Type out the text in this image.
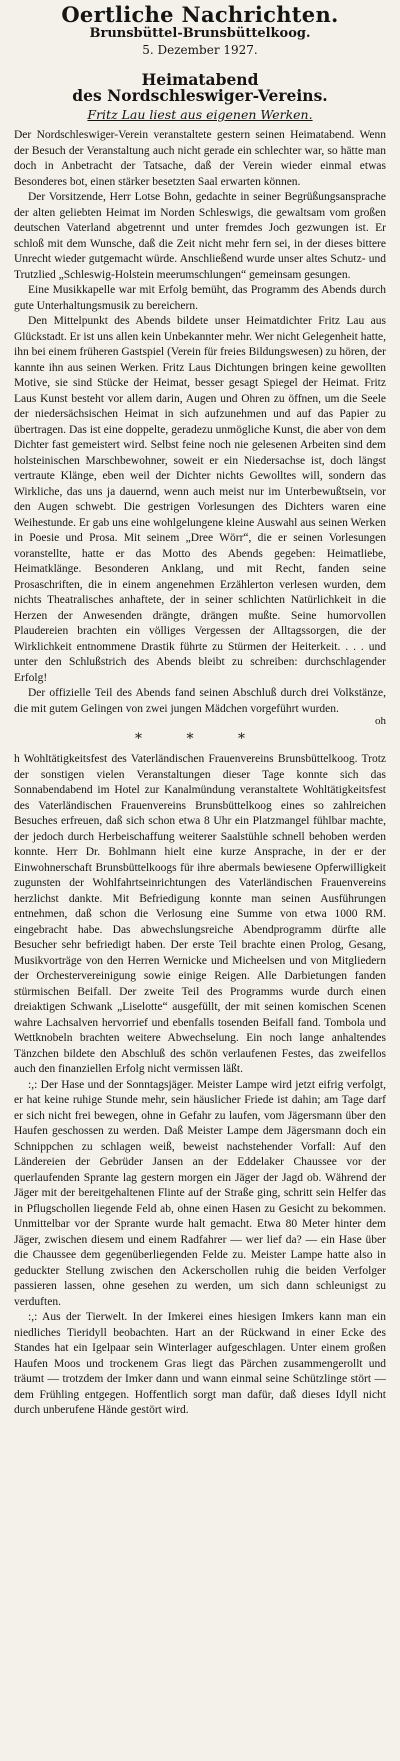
Oertliche Nachrichten.
Brunsbüttel-Brunsbüttelkoog.
5. Dezember 1927.
Heimatabend
des Nordschleswiger-Vereins.
Fritz Lau liest aus eigenen Werken.

Der Nordschleswiger-Verein veranstaltete gestern seinen Heimatabend. Wenn der Besuch der Veranstaltung auch nicht gerade ein schlechter war, so hätte man doch in Anbetracht der Tatsache, daß der Verein wieder einmal etwas Besonderes bot, einen stärker besetzten Saal erwarten können.

Der Vorsitzende, Herr Lotse Bohn, gedachte in seiner Begrüßungsansprache der alten geliebten Heimat im Norden Schleswigs, die gewaltsam vom großen deutschen Vaterland abgetrennt und unter fremdes Joch gezwungen ist. Er schloß mit dem Wunsche, daß die Zeit nicht mehr fern sei, in der dieses bittere Unrecht wieder gutgemacht würde. Anschließend wurde unser altes Schutz- und Trutzlied „Schleswig-Holstein meerumschlungen“ gemeinsam gesungen.

Eine Musikkapelle war mit Erfolg bemüht, das Programm des Abends durch gute Unterhaltungsmusik zu bereichern.

Den Mittelpunkt des Abends bildete unser Heimatdichter Fritz Lau aus Glückstadt. Er ist uns allen kein Unbekannter mehr. Wer nicht Gelegenheit hatte, ihn bei einem früheren Gastspiel (Verein für freies Bildungswesen) zu hören, der kannte ihn aus seinen Werken. Fritz Laus Dichtungen bringen keine gewollten Motive, sie sind Stücke der Heimat, besser gesagt Spiegel der Heimat. Fritz Laus Kunst besteht vor allem darin, Augen und Ohren zu öffnen, um die Seele der niedersächsischen Heimat in sich aufzunehmen und auf das Papier zu übertragen. Das ist eine doppelte, geradezu unmögliche Kunst, die aber von dem Dichter fast gemeistert wird. Selbst feine noch nie gelesenen Arbeiten sind dem holsteinischen Marschbewohner, soweit er ein Niedersachse ist, doch längst vertraute Klänge, eben weil der Dichter nichts Gewolltes will, sondern das Wirkliche, das uns ja dauernd, wenn auch meist nur im Unterbewußtsein, vor den Augen schwebt. Die gestrigen Vorlesungen des Dichters waren eine Weihestunde. Er gab uns eine wohlgelungene kleine Auswahl aus seinen Werken in Poesie und Prosa. Mit seinem „Dree Wörr“, die er seinen Vorlesungen voranstellte, hatte er das Motto des Abends gegeben: Heimatliebe, Heimatklänge. Besonderen Anklang, und mit Recht, fanden seine Prosaschriften, die in einem angenehmen Erzählerton verlesen wurden, dem nichts Theatralisches anhaftete, der in seiner schlichten Natürlichkeit in die Herzen der Anwesenden drängte, drängen mußte. Seine humorvollen Plaudereien brachten ein völliges Vergessen der Alltagssorgen, die der Wirklichkeit entnommene Drastik führte zu Stürmen der Heiterkeit. . . . und unter den Schlußstrich des Abends bleibt zu schreiben: durchschlagender Erfolg!

Der offizielle Teil des Abends fand seinen Abschluß durch drei Volkstänze, die mit gutem Gelingen von zwei jungen Mädchen vorgeführt wurden.

oh

* * *

h Wohltätigkeitsfest des Vaterländischen Frauenvereins Brunsbüttelkoog. Trotz der sonstigen vielen Veranstaltungen dieser Tage konnte sich das Sonnabendabend im Hotel zur Kanalmündung veranstaltete Wohltätigkeitsfest des Vaterländischen Frauenvereins Brunsbüttelkoog eines so zahlreichen Besuches erfreuen, daß sich schon etwa 8 Uhr ein Platzmangel fühlbar machte, der jedoch durch Herbeischaffung weiterer Saalstühle schnell behoben werden konnte. Herr Dr. Bohlmann hielt eine kurze Ansprache, in der er der Einwohnerschaft Brunsbüttelkoogs für ihre abermals bewiesene Opferwilligkeit zugunsten der Wohlfahrtseinrichtungen des Vaterländischen Frauenvereins herzlichst dankte. Mit Befriedigung konnte man seinen Ausführungen entnehmen, daß schon die Verlosung eine Summe von etwa 1000 RM. eingebracht habe. Das abwechslungsreiche Abendprogramm dürfte alle Besucher sehr befriedigt haben. Der erste Teil brachte einen Prolog, Gesang, Musikvorträge von den Herren Wernicke und Micheelsen und von Mitgliedern der Orchestervereinigung sowie einige Reigen. Alle Darbietungen fanden stürmischen Beifall. Der zweite Teil des Programms wurde durch einen dreiaktigen Schwank „Liselotte“ ausgefüllt, der mit seinen komischen Scenen wahre Lachsalven hervorrief und ebenfalls tosenden Beifall fand. Tombola und Wettknobeln brachten weitere Abwechselung. Ein noch lange anhaltendes Tänzchen bildete den Abschluß des schön verlaufenen Festes, das zweifellos auch den finanziellen Erfolg nicht vermissen läßt.

:,: Der Hase und der Sonntagsjäger. Meister Lampe wird jetzt eifrig verfolgt, er hat keine ruhige Stunde mehr, sein häuslicher Friede ist dahin; am Tage darf er sich nicht frei bewegen, ohne in Gefahr zu laufen, vom Jägersmann über den Haufen geschossen zu werden. Daß Meister Lampe dem Jägersmann doch ein Schnippchen zu schlagen weiß, beweist nachstehender Vorfall: Auf den Ländereien der Gebrüder Jansen an der Eddelaker Chaussee vor der querlaufenden Sprante lag gestern morgen ein Jäger der Jagd ob. Während der Jäger mit der bereitgehaltenen Flinte auf der Straße ging, schritt sein Helfer das in Pflugschollen liegende Feld ab, ohne einen Hasen zu Gesicht zu bekommen. Unmittelbar vor der Sprante wurde halt gemacht. Etwa 80 Meter hinter dem Jäger, zwischen diesem und einem Radfahrer — wer lief da? — ein Hase über die Chaussee dem gegenüberliegenden Felde zu. Meister Lampe hatte also in geduckter Stellung zwischen den Ackerschollen ruhig die beiden Verfolger passieren lassen, ohne gesehen zu werden, um sich dann schleunigst zu verduften.

:,: Aus der Tierwelt. In der Imkerei eines hiesigen Imkers kann man ein niedliches Tieridyll beobachten. Hart an der Rückwand in einer Ecke des Standes hat ein Igelpaar sein Winterlager aufgeschlagen. Unter einem großen Haufen Moos und trockenem Gras liegt das Pärchen zusammengerollt und träumt — trotzdem der Imker dann und wann einmal seine Schützlinge stört — dem Frühling entgegen. Hoffentlich sorgt man dafür, daß dieses Idyll nicht durch unberufene Hände gestört wird.
